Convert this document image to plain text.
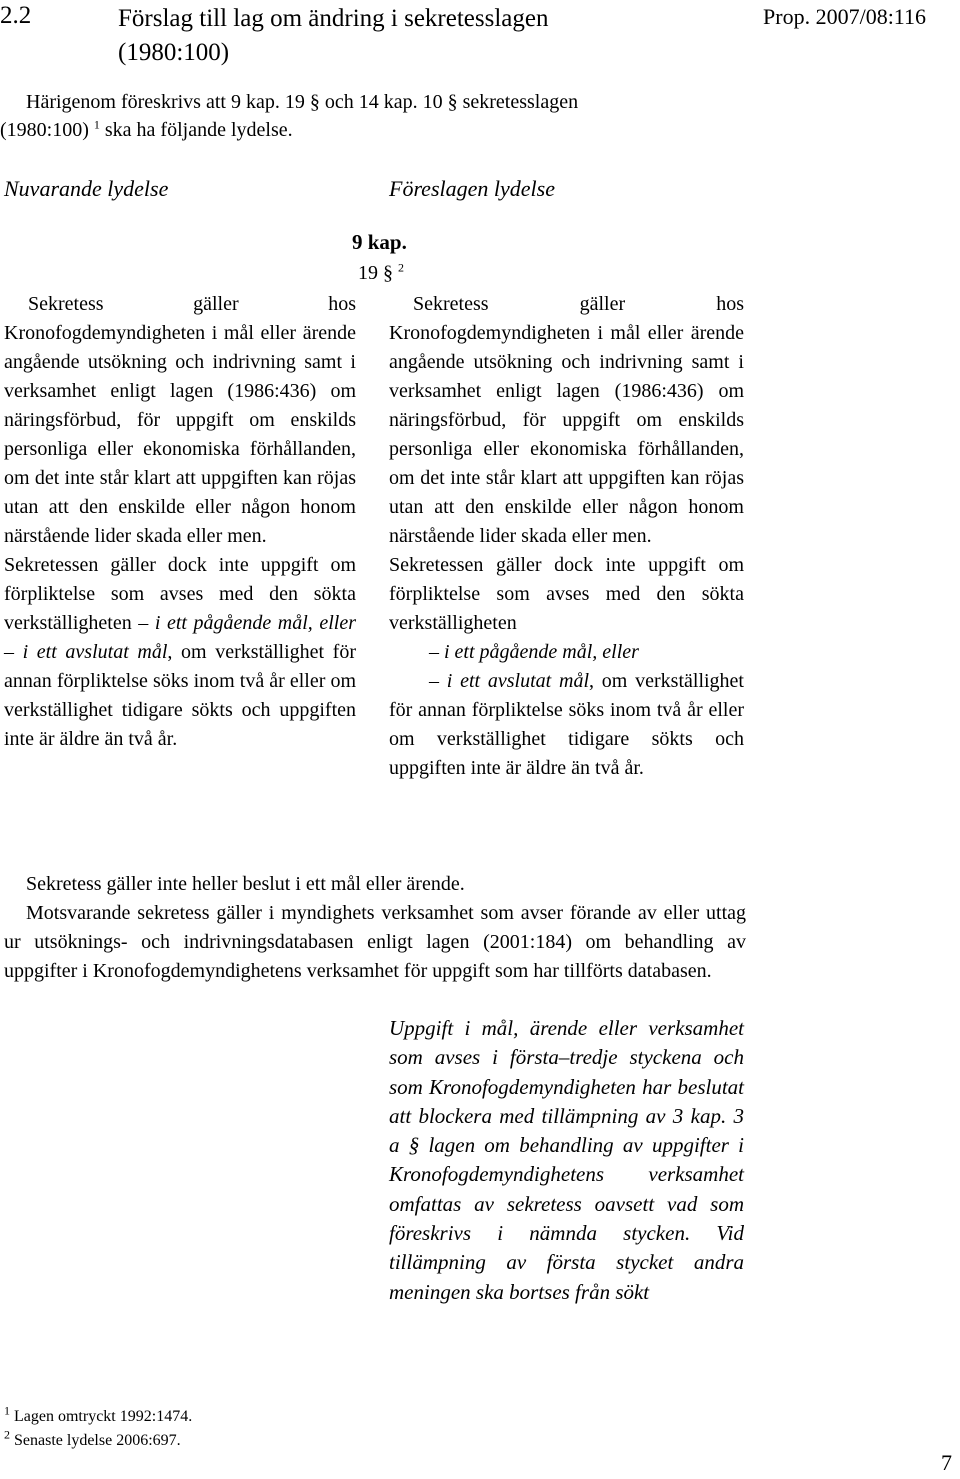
2.2	Förslag till lag om ändring i sekretesslagen
(1980:100)
Prop. 2007/08:116
Härigenom föreskrivs att 9 kap. 19 § och 14 kap. 10 § sekretesslagen
(1980:100) $^1$ ska ha följande lydelse.
Nuvarande lydelse	Föreslagen lydelse
9 kap.
19 § $^2$

Sekretess gäller hos Kronofogdemyndigheten i mål eller ärende angående utsökning och indrivning samt i verksamhet enligt lagen (1986:436) om näringsförbud, för uppgift om enskilds personliga eller ekonomiska förhållanden, om det inte står klart att uppgiften kan röjas utan att den enskilde eller någon honom närstående lider skada eller men.

Sekretessen gäller dock inte uppgift om förpliktelse som avses med den sökta verkställigheten – i ett pågående mål, eller – i ett avslutat mål, om verkställighet för annan förpliktelse söks inom två år eller om verkställighet tidigare sökts och uppgiften inte är äldre än två år.

Sekretess gäller hos Kronofogdemyndigheten i mål eller ärende angående utsökning och indrivning samt i verksamhet enligt lagen (1986:436) om näringsförbud, för uppgift om enskilds personliga eller ekonomiska förhållanden, om det inte står klart att uppgiften kan röjas utan att den enskilde eller någon honom närstående lider skada eller men.

Sekretessen gäller dock inte uppgift om förpliktelse som avses med den sökta verkställigheten

– i ett pågående mål, eller

– i ett avslutat mål, om verkställighet för annan förpliktelse söks inom två år eller om verkställighet tidigare sökts och uppgiften inte är äldre än två år.

Sekretess gäller inte heller beslut i ett mål eller ärende.

Motsvarande sekretess gäller i myndighets verksamhet som avser förande av eller uttag ur utsöknings- och indrivningsdatabasen enligt lagen (2001:184) om behandling av uppgifter i Kronofogdemyndighetens verksamhet för uppgift som har tillförts databasen.

Uppgift i mål, ärende eller verksamhet som avses i första–tredje styckena och som Kronofogdemyndigheten har beslutat att blockera med tillämpning av 3 kap. 3 a § lagen om behandling av uppgifter i Kronofogdemyndighetens verksamhet omfattas av sekretess oavsett vad som föreskrivs i nämnda stycken. Vid tillämpning av första stycket andra meningen ska bortses från sökt
$^1$ Lagen omtryckt 1992:1474.
$^2$ Senaste lydelse 2006:697.
7
